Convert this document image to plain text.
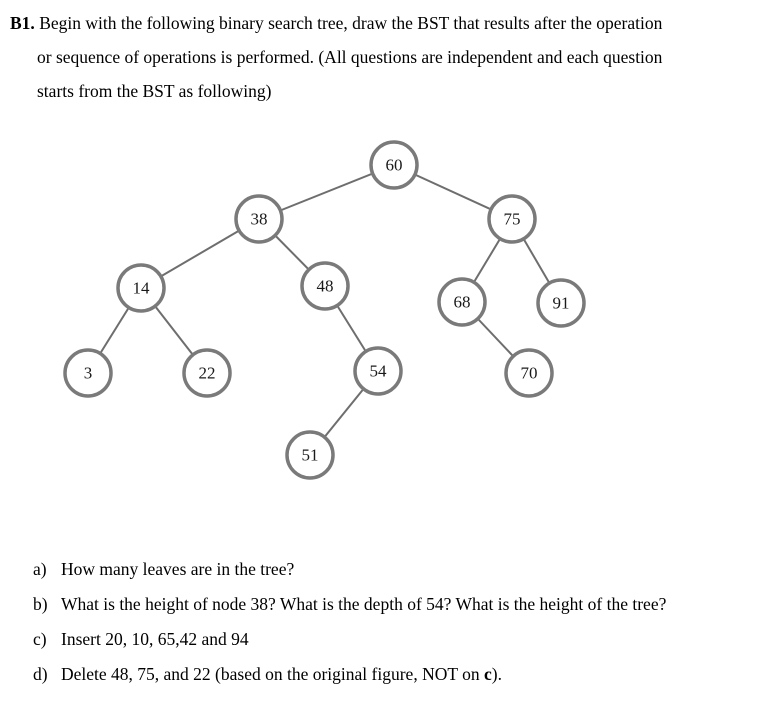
B1. Begin with the following binary search tree, draw the BST that results after the operation
or sequence of operations is performed. (All questions are independent and each question
starts from the BST as following)
60
38	75
14	48
68	91
3	22	54	70
51
a) How many leaves are in the tree?
b) What is the height of node 38? What is the depth of 54? What is the height of the tree?
c) Insert 20, 10, 65,42 and 94
d) Delete 48, 75, and 22 (based on the original figure, NOT on c).
